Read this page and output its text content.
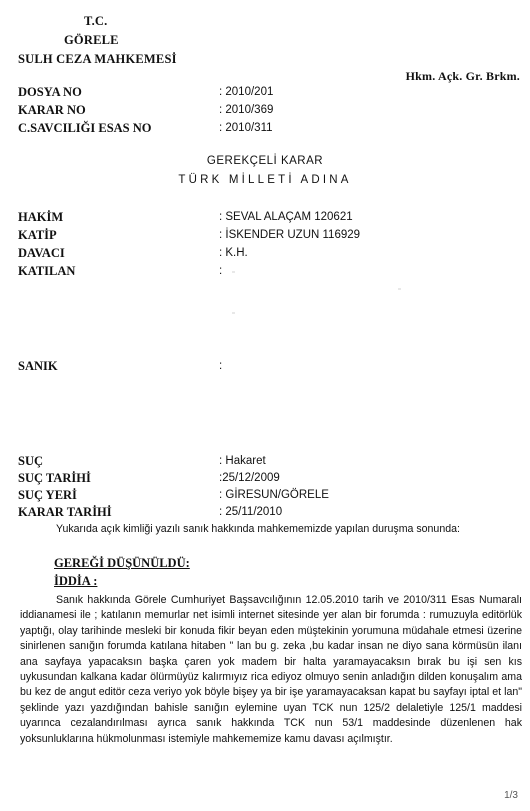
T.C.
GÖRELE
SULH CEZA MAHKEMESİ
Hkm. Açk. Gr. Brkm.
DOSYA NO	: 2010/201
KARAR NO	: 2010/369
C.SAVCILIĞI ESAS NO	: 2010/311
GEREKÇELİ KARAR
TÜRK MİLLETİ ADINA
HAKİM	: SEVAL ALAÇAM 120621
KATİP	: İSKENDER UZUN 116929
DAVACI	: K.H.
KATILAN	:
SANIK	:
SUÇ	: Hakaret
SUÇ TARİHİ	:25/12/2009
SUÇ YERİ	: GİRESUN/GÖRELE
KARAR TARİHİ	: 25/11/2010
Yukarıda açık kimliği yazılı sanık hakkında mahkememizde yapılan duruşma sonunda:
GEREĞİ DÜŞÜNÜLDÜ:
İDDİA :
Sanık hakkında Görele Cumhuriyet Başsavcılığının 12.05.2010 tarih ve 2010/311 Esas Numaralı iddianamesi ile ; katılanın memurlar net isimli internet sitesinde yer alan bir forumda : rumuzuyla editörlük yaptığı, olay tarihinde mesleki bir konuda fikir beyan eden müştekinin yorumuna müdahale etmesi üzerine sinirlenen sanığın forumda katılana hitaben " lan bu g. zeka ,bu kadar insan ne diyo sana körmüsün ilanı ana sayfaya yapacaksın başka çaren yok madem bir halta yaramayacaksın bırak bu işi sen kıs uykusundan kalkana kadar ölürmüyüz kalırmıyız rica ediyoz olmuyo senin anladığın dilden konuşalım ama bu kez de angut editör ceza veriyo yok böyle bişey ya bir işe yaramayacaksan kapat bu sayfayı iptal et lan" şeklinde yazı yazdığından bahisle sanığın eylemine uyan TCK nun 125/2 delaletiyle 125/1 maddesi uyarınca cezalandırılması ayrıca sanık hakkında TCK nun 53/1 maddesinde düzenlenen hak yoksunluklarına hükmolunması istemiyle mahkememize kamu davası açılmıştır.
1/3
